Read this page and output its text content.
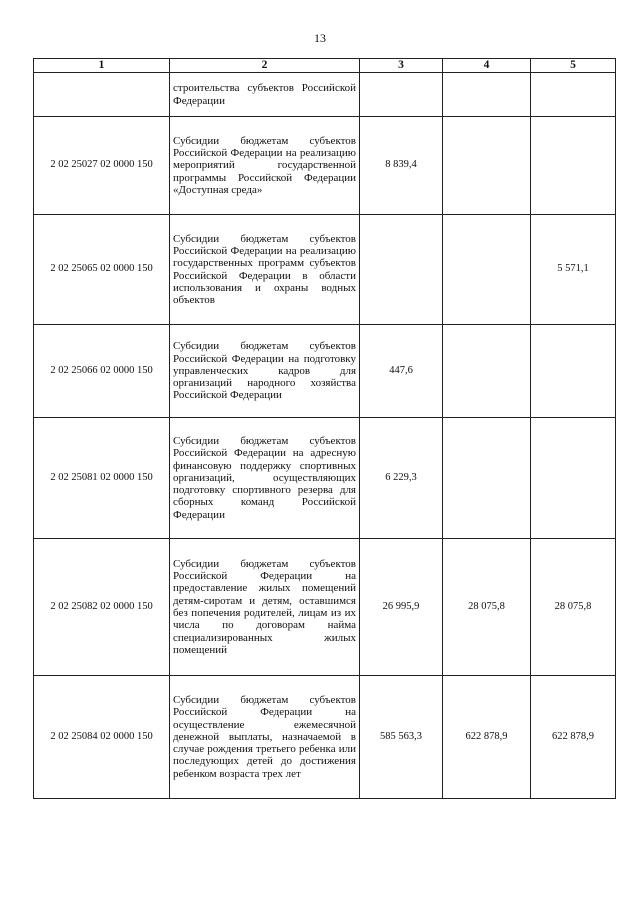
13
1	2	3	4	5
	строительства субъектов Российской Федерации			
2 02 25027 02 0000 150	Субсидии бюджетам субъектов Российской Федерации на реализацию мероприятий государственной программы Российской Федерации «Доступная среда»	8 839,4		
2 02 25065 02 0000 150	Субсидии бюджетам субъектов Российской Федерации на реализацию государственных программ субъектов Российской Федерации в области использования и охраны водных объектов			5 571,1
2 02 25066 02 0000 150	Субсидии бюджетам субъектов Российской Федерации на подготовку управленческих кадров для организаций народного хозяйства Российской Федерации	447,6		
2 02 25081 02 0000 150	Субсидии бюджетам субъектов Российской Федерации на адресную финансовую поддержку спортивных организаций, осуществляющих подготовку спортивного резерва для сборных команд Российской Федерации	6 229,3		
2 02 25082 02 0000 150	Субсидии бюджетам субъектов Российской Федерации на предоставление жилых помещений детям-сиротам и детям, оставшимся без попечения родителей, лицам из их числа по договорам найма специализированных жилых помещений	26 995,9	28 075,8	28 075,8
2 02 25084 02 0000 150	Субсидии бюджетам субъектов Российской Федерации на осуществление ежемесячной денежной выплаты, назначаемой в случае рождения третьего ребенка или последующих детей до достижения ребенком возраста трех лет	585 563,3	622 878,9	622 878,9
